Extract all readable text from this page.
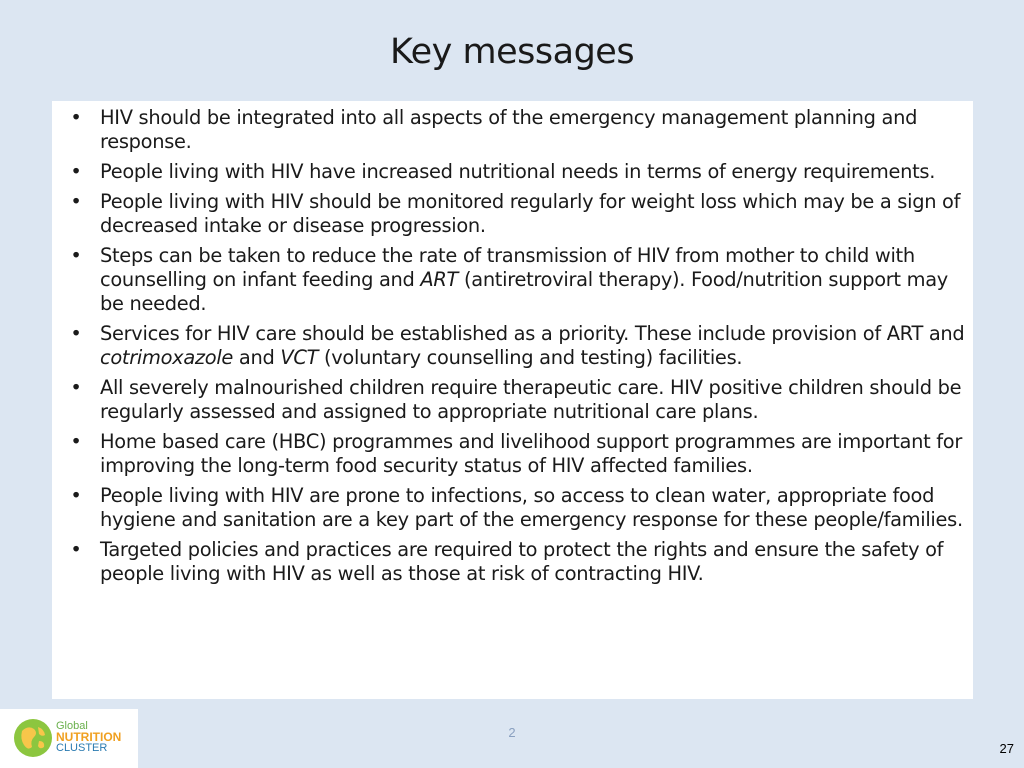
Key messages
• HIV should be integrated into all aspects of the emergency management planning and response.
• People living with HIV have increased nutritional needs in terms of energy requirements.
• People living with HIV should be monitored regularly for weight loss which may be a sign of decreased intake or disease progression.
• Steps can be taken to reduce the rate of transmission of HIV from mother to child with counselling on infant feeding and ART (antiretroviral therapy). Food/nutrition support may be needed.
• Services for HIV care should be established as a priority. These include provision of ART and cotrimoxazole and VCT (voluntary counselling and testing) facilities.
• All severely malnourished children require therapeutic care. HIV positive children should be regularly assessed and assigned to appropriate nutritional care plans.
• Home based care (HBC) programmes and livelihood support programmes are important for improving the long-term food security status of HIV affected families.
• People living with HIV are prone to infections, so access to clean water, appropriate food hygiene and sanitation are a key part of the emergency response for these people/families.
• Targeted policies and practices are required to protect the rights and ensure the safety of people living with HIV as well as those at risk of contracting HIV.
Global
NUTRITION
CLUSTER
2
27
